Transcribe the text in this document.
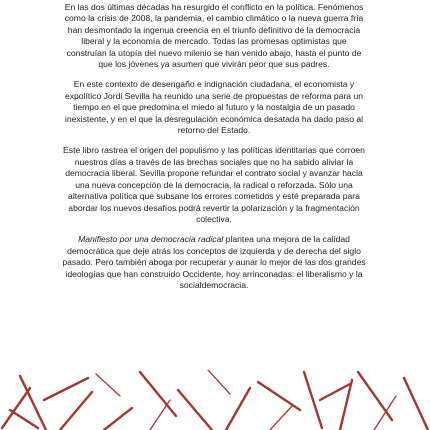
En las dos últimas décadas ha resurgido el conflicto en la política. Fenómenos como la crisis de 2008, la pandemia, el cambio climático o la nueva guerra fría han desmontado la ingenua creencia en el triunfo definitivo de la democracia liberal y la economía de mercado. Todas las promesas optimistas que construían la utopía del nuevo milenio se han venido abajo, hasta el punto de que los jóvenes ya asumen que vivirán peor que sus padres.

En este contexto de desengaño e indignación ciudadana, el economista y expolítico Jordi Sevilla ha reunido una serie de propuestas de reforma para un tiempo en el que predomina el miedo al futuro y la nostalgia de un pasado inexistente, y en el que la desregulación económica desatada ha dado paso al retorno del Estado.

Este libro rastrea el origen del populismo y las políticas identitarias que corroen nuestros días a través de las brechas sociales que no ha sabido aliviar la democracia liberal. Sevilla propone refundar el contrato social y avanzar hacia una nueva concepción de la democracia, la radical o reforzada. Sólo una alternativa política que subsane los errores cometidos y esté preparada para abordar los nuevos desafíos podrá revertir la polarización y la fragmentación colectiva.

Manifiesto por una democracia radical plantea una mejora de la calidad democrática que deje atrás los conceptos de izquierda y de derecha del siglo pasado. Pero también aboga por recuperar y aunar lo mejor de las dos grandes ideologías que han construido Occidente, hoy arrinconadas: el liberalismo y la socialdemocracia.
